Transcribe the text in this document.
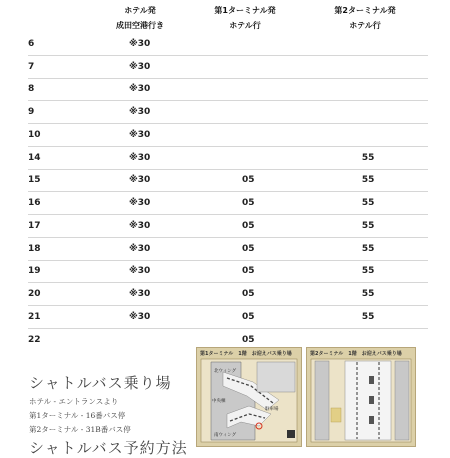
ホテル発
成田空港行き
第1ターミナル発
ホテル行
第2ターミナル発
ホテル行
6	※30		
7	※30		
8	※30		
9	※30		
10	※30		
14	※30		55
15	※30	05	55
16	※30	05	55
17	※30	05	55
18	※30	05	55
19	※30	05	55
20	※30	05	55
21	※30	05	55
22		05	
シャトルバス乗り場
ホテル - エントランスより
第1ターミナル - 16番バス停
第2ターミナル - 31B番バス停
シャトルバス予約方法
第1ターミナル　1階　お迎えバス乗り場
北ウィング
中央棟
南ウィング
駐車場
第2ターミナル　1階　お迎えバス乗り場
